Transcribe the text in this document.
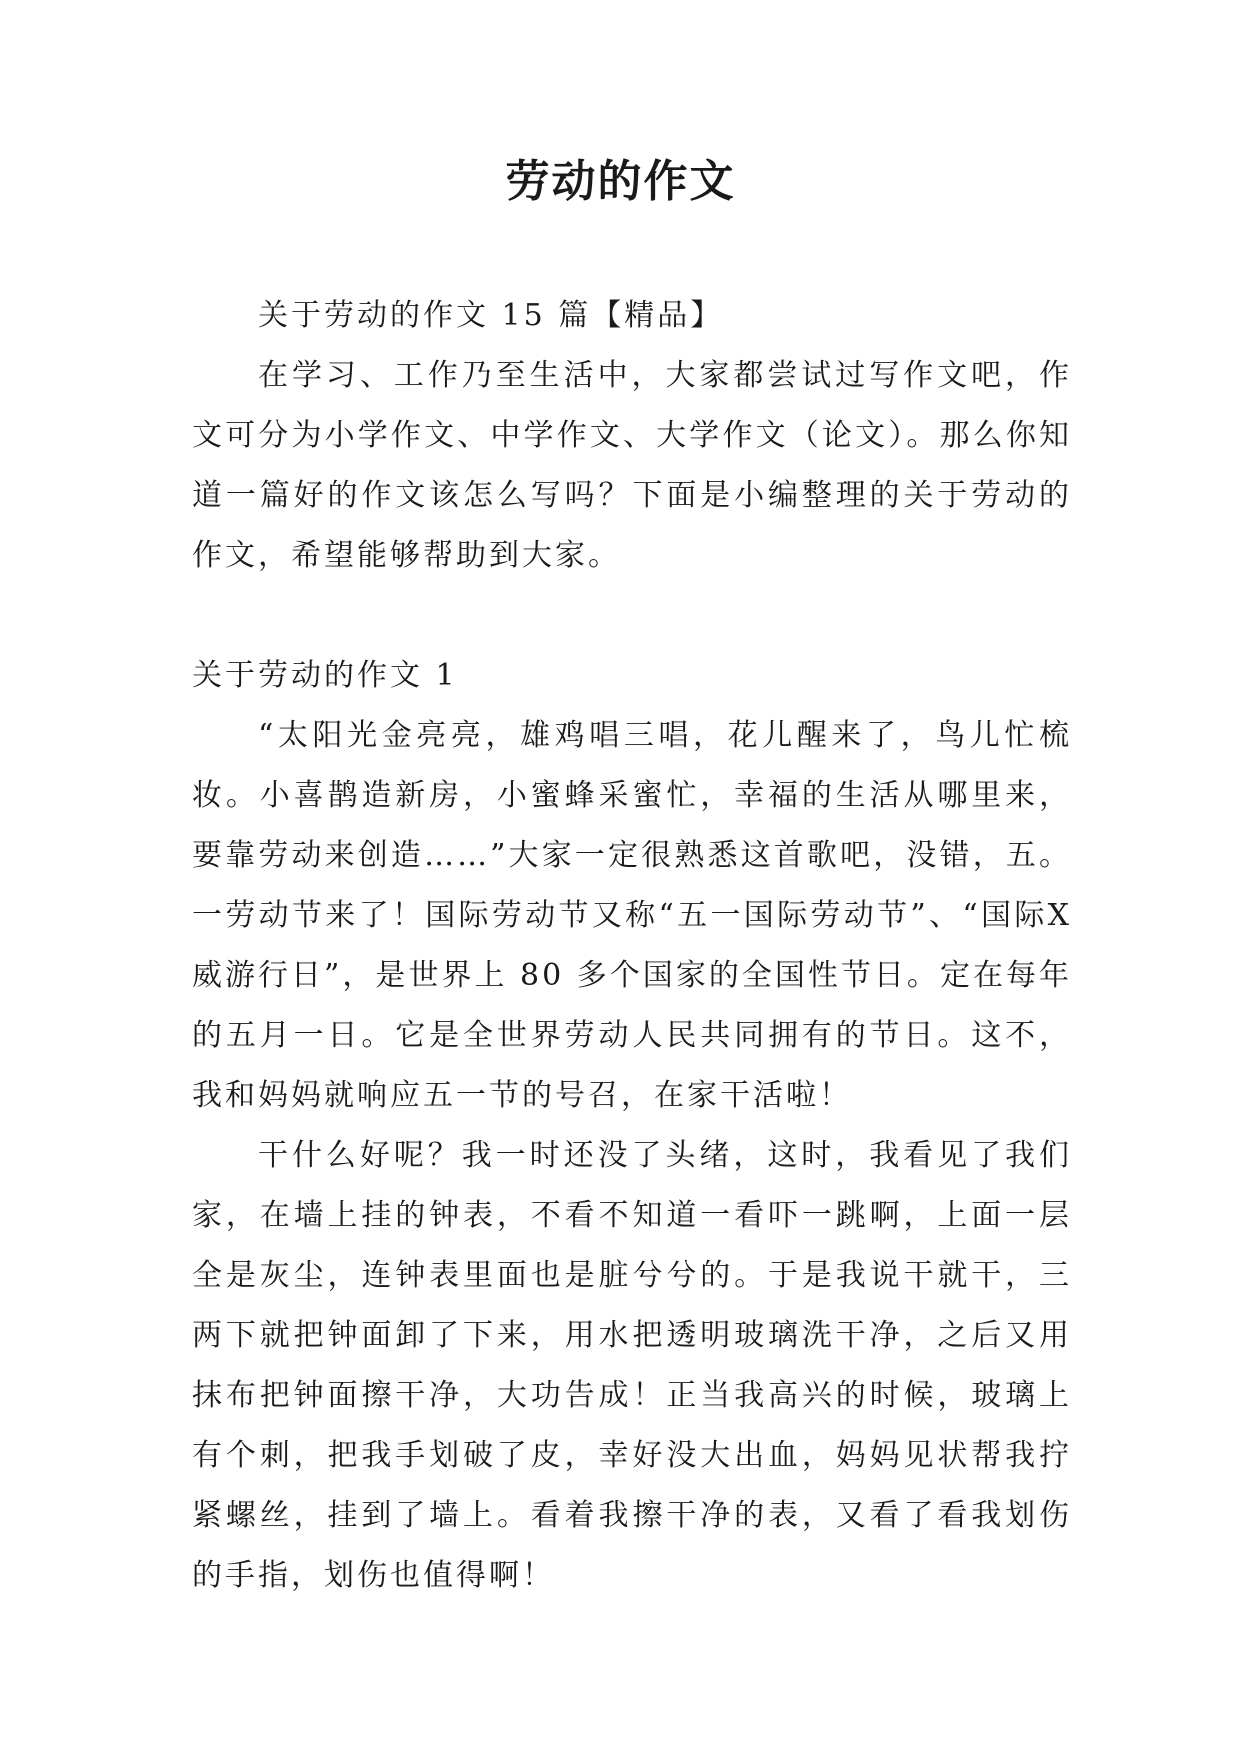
劳动的作文

关于劳动的作文 15 篇【精品】

在学习、工作乃至生活中，大家都尝试过写作文吧，作文可分为小学作文、中学作文、大学作文（论文）。那么你知道一篇好的作文该怎么写吗？下面是小编整理的关于劳动的作文，希望能够帮助到大家。

关于劳动的作文 1

“太阳光金亮亮，雄鸡唱三唱，花儿醒来了，鸟儿忙梳妆。小喜鹊造新房，小蜜蜂采蜜忙，幸福的生活从哪里来，要靠劳动来创造……”大家一定很熟悉这首歌吧，没错，五。一劳动节来了！国际劳动节又称“五一国际劳动节”、“国际X 威游行日”，是世界上 80 多个国家的全国性节日。定在每年的五月一日。它是全世界劳动人民共同拥有的节日。这不，我和妈妈就响应五一节的号召，在家干活啦！

干什么好呢？我一时还没了头绪，这时，我看见了我们家，在墙上挂的钟表，不看不知道一看吓一跳啊，上面一层全是灰尘，连钟表里面也是脏兮兮的。于是我说干就干，三两下就把钟面卸了下来，用水把透明玻璃洗干净，之后又用抹布把钟面擦干净，大功告成！正当我高兴的时候，玻璃上有个刺，把我手划破了皮，幸好没大出血，妈妈见状帮我拧紧螺丝，挂到了墙上。看着我擦干净的表，又看了看我划伤的手指，划伤也值得啊！
